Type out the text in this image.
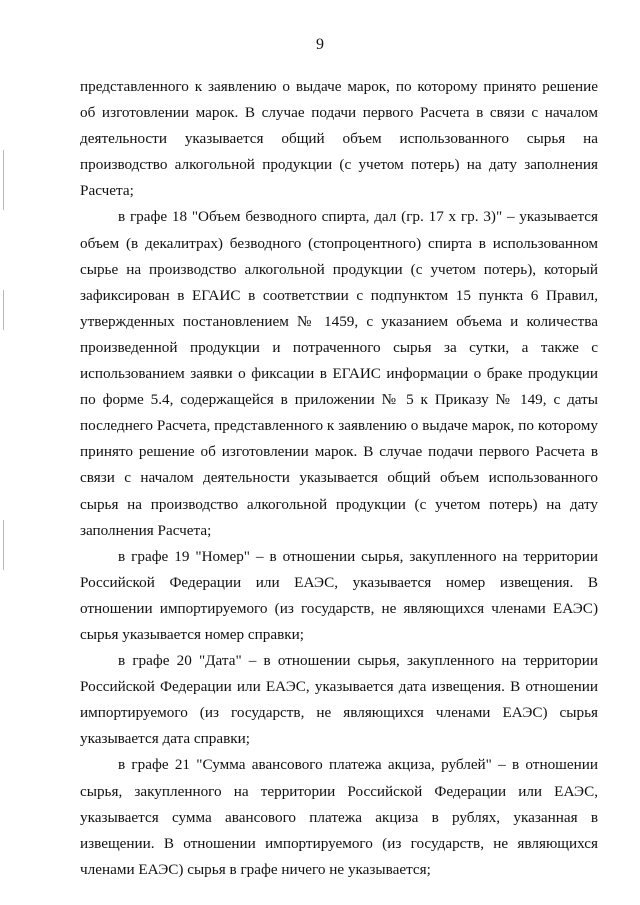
9

представленного к заявлению о выдаче марок, по которому принято решение об изготовлении марок. В случае подачи первого Расчета в связи с началом деятельности указывается общий объем использованного сырья на производство алкогольной продукции (с учетом потерь) на дату заполнения Расчета;

в графе 18 "Объем безводного спирта, дал (гр. 17 х гр. 3)" – указывается объем (в декалитрах) безводного (стопроцентного) спирта в использованном сырье на производство алкогольной продукции (с учетом потерь), который зафиксирован в ЕГАИС в соответствии с подпунктом 15 пункта 6 Правил, утвержденных постановлением № 1459, с указанием объема и количества произведенной продукции и потраченного сырья за сутки, а также с использованием заявки о фиксации в ЕГАИС информации о браке продукции по форме 5.4, содержащейся в приложении № 5 к Приказу № 149, с даты последнего Расчета, представленного к заявлению о выдаче марок, по которому принято решение об изготовлении марок. В случае подачи первого Расчета в связи с началом деятельности указывается общий объем использованного сырья на производство алкогольной продукции (с учетом потерь) на дату заполнения Расчета;

в графе 19 "Номер" – в отношении сырья, закупленного на территории Российской Федерации или ЕАЭС, указывается номер извещения. В отношении импортируемого (из государств, не являющихся членами ЕАЭС) сырья указывается номер справки;

в графе 20 "Дата" – в отношении сырья, закупленного на территории Российской Федерации или ЕАЭС, указывается дата извещения. В отношении импортируемого (из государств, не являющихся членами ЕАЭС) сырья указывается дата справки;

в графе 21 "Сумма авансового платежа акциза, рублей" – в отношении сырья, закупленного на территории Российской Федерации или ЕАЭС, указывается сумма авансового платежа акциза в рублях, указанная в извещении. В отношении импортируемого (из государств, не являющихся членами ЕАЭС) сырья в графе ничего не указывается;
